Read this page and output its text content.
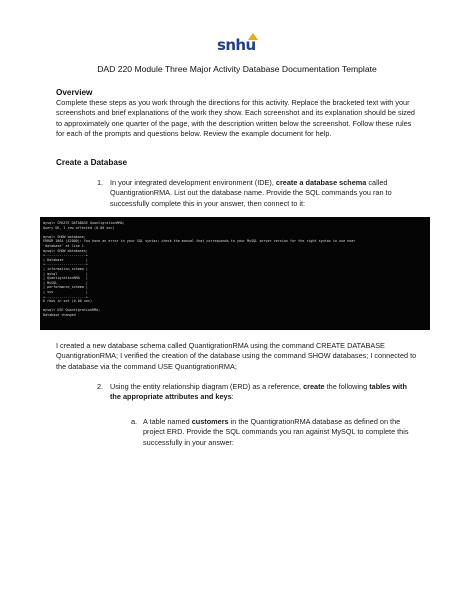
snhu
DAD 220 Module Three Major Activity Database Documentation Template
Overview
Complete these steps as you work through the directions for this activity. Replace the bracketed text with your screenshots and brief explanations of the work they show. Each screenshot and its explanation should be sized to approximately one quarter of the page, with the description written below the screenshot. Follow these rules for each of the prompts and questions below. Review the example document for help.
Create a Database
1. In your integrated development environment (IDE), create a database schema called QuantigrationRMA. List out the database name. Provide the SQL commands you ran to successfully complete this in your answer, then connect to it:
mysql> CREATE DATABASE QuantigrationRMA;
Query OK, 1 row affected (0.00 sec)
mysql> SHOW database;
ERROR 1064 (42000): You have an error in your SQL syntax; check the manual that corresponds to your MySQL server version for the right syntax to use near
'database' at line 1
mysql> SHOW databases;
+--------------------+
| Database           |
+--------------------+
| information_schema |
| mysql              |
| QuantigrationRMA   |
| MySQL              |
| performance_schema |
| sys                |
+--------------------+
6 rows in set (0.00 sec)
mysql> USE QuantigrationRMA;
Database changed
I created a new database schema called QuantigrationRMA using the command CREATE DATABASE QuantigrationRMA; I verified the creation of the database using the command SHOW databases; I connected to the database via the command USE QuantigrationRMA;
2. Using the entity relationship diagram (ERD) as a reference, create the following tables with the appropriate attributes and keys:
a. A table named customers in the QuantigrationRMA database as defined on the project ERD. Provide the SQL commands you ran against MySQL to complete this successfully in your answer:
